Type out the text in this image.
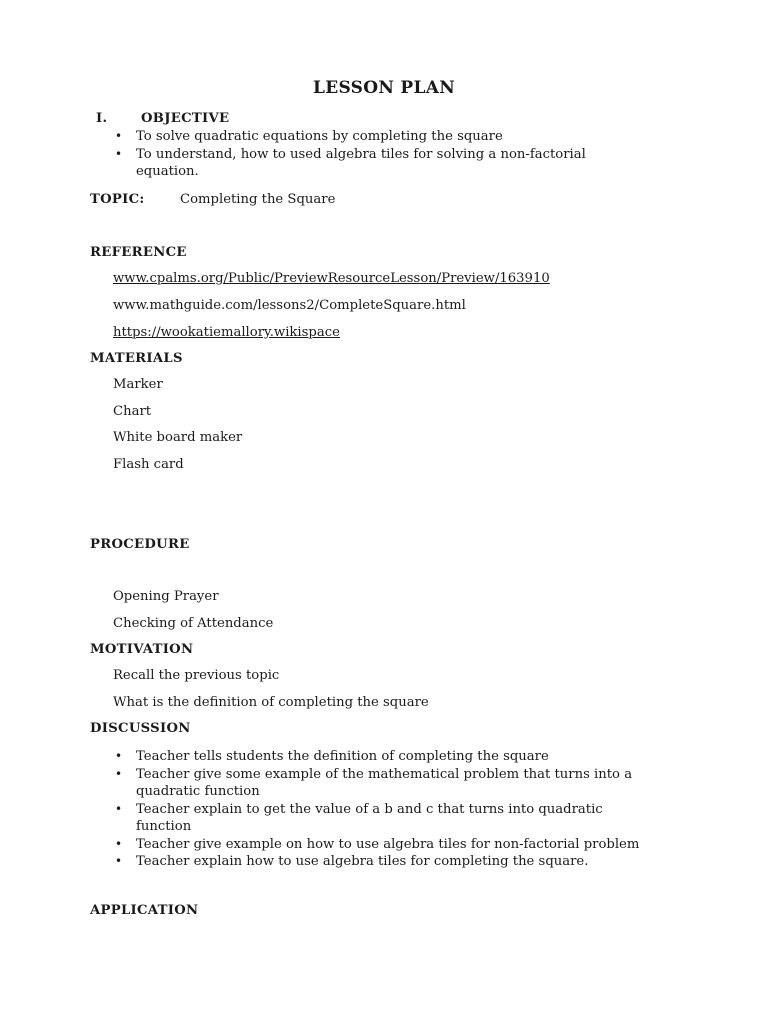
LESSON PLAN
I.	OBJECTIVE
• To solve quadratic equations by completing the square
• To understand, how to used algebra tiles for solving a non-factorial equation.
TOPIC:	Completing the Square
REFERENCE
www.cpalms.org/Public/PreviewResourceLesson/Preview/163910
www.mathguide.com/lessons2/CompleteSquare.html
https://wookatiemallory.wikispace
MATERIALS
Marker
Chart
White board maker
Flash card
PROCEDURE
Opening Prayer
Checking of Attendance
MOTIVATION
Recall the previous topic
What is the definition of completing the square
DISCUSSION
• Teacher tells students the definition of completing the square
• Teacher give some example of the mathematical problem that turns into a quadratic function
• Teacher explain to get the value of a b and c that turns into quadratic function
• Teacher give example on how to use algebra tiles for non-factorial problem
• Teacher explain how to use algebra tiles for completing the square.
APPLICATION
